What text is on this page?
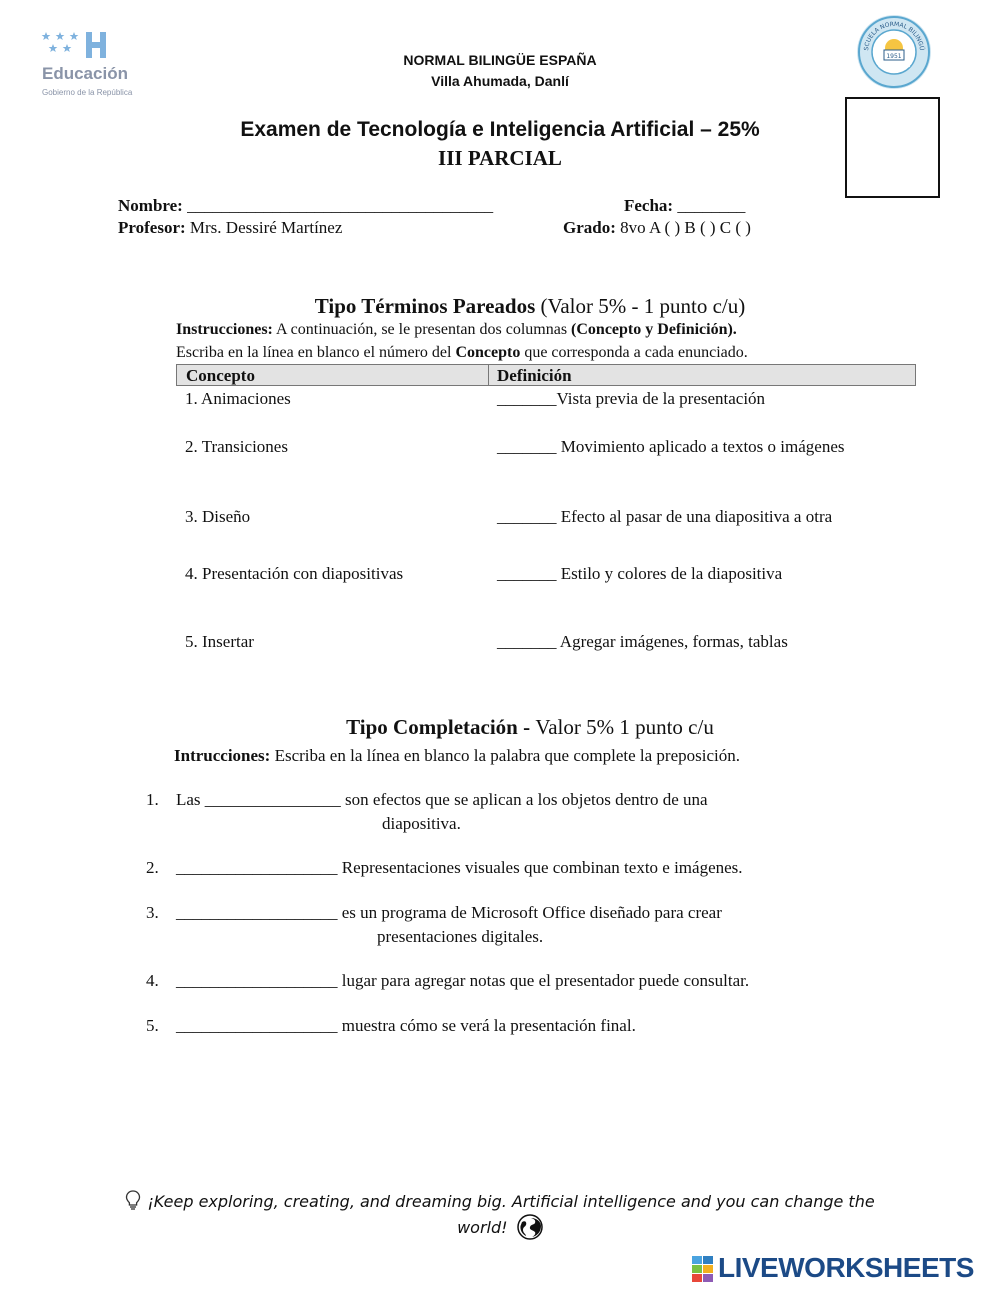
Educación
Gobierno de la República
NORMAL BILINGÜE ESPAÑA
Villa Ahumada, Danlí
SCUELA NORMAL BILINGÜ
1951
ESPAÑA
Examen de Tecnología e Inteligencia Artificial – 25%
III PARCIAL
Nombre: ____________________________________	Fecha: ________
Profesor: Mrs. Dessiré Martínez	Grado: 8vo A ( ) B ( ) C ( )
Tipo Términos Pareados (Valor 5% - 1 punto c/u)
Instrucciones: A continuación, se le presentan dos columnas (Concepto y Definición).
Escriba en la línea en blanco el número del Concepto que corresponda a cada enunciado.
Concepto	Definición
1. Animaciones	_______Vista previa de la presentación
2. Transiciones	_______ Movimiento aplicado a textos o imágenes
3. Diseño	_______ Efecto al pasar de una diapositiva a otra
4. Presentación con diapositivas	_______ Estilo y colores de la diapositiva
5. Insertar	_______ Agregar imágenes, formas, tablas
Tipo Completación - Valor 5% 1 punto c/u
Intrucciones: Escriba en la línea en blanco la palabra que complete la preposición.
1. Las ________________ son efectos que se aplican a los objetos dentro de una
diapositiva.
2. ___________________ Representaciones visuales que combinan texto e imágenes.
3. ___________________ es un programa de Microsoft Office diseñado para crear
presentaciones digitales.
4. ___________________ lugar para agregar notas que el presentador puede consultar.
5. ___________________ muestra cómo se verá la presentación final.
¡Keep exploring, creating, and dreaming big. Artificial intelligence and you can change the
world!
LIVEWORKSHEETS
